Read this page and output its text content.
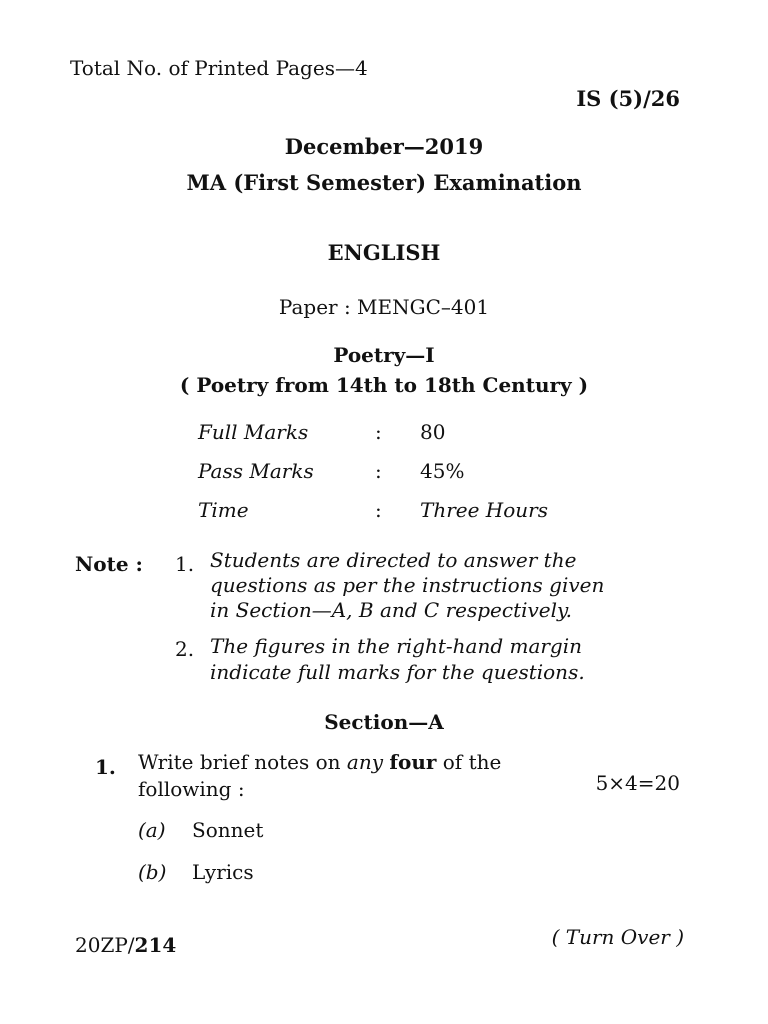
Total No. of Printed Pages—4
IS (5)/26
December—2019
MA (First Semester) Examination
ENGLISH
Paper : MENGC–401
Poetry—I
( Poetry from 14th to 18th Century )
Full Marks	: 80
Pass Marks	: 45%
Time	: Three Hours
Note : 1. Students are directed to answer the
questions as per the instructions given
in Section—A, B and C respectively.
2. The figures in the right-hand margin
indicate full marks for the questions.
Section—A
1. Write brief notes on any four of the
following :	5×4=20
(a) Sonnet
(b) Lyrics
20ZP/214	( Turn Over )
